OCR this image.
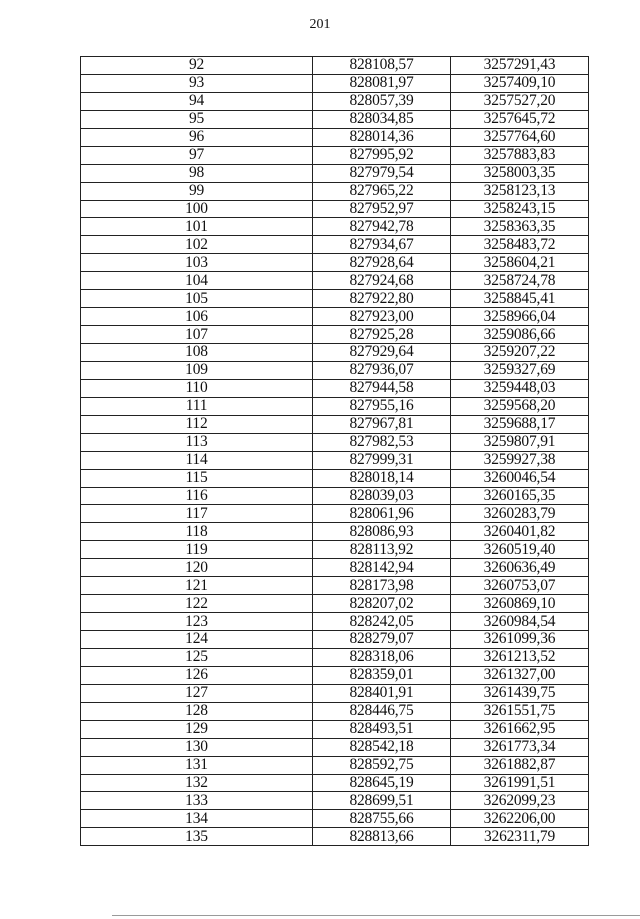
201
92	828108,57	3257291,43
93	828081,97	3257409,10
94	828057,39	3257527,20
95	828034,85	3257645,72
96	828014,36	3257764,60
97	827995,92	3257883,83
98	827979,54	3258003,35
99	827965,22	3258123,13
100	827952,97	3258243,15
101	827942,78	3258363,35
102	827934,67	3258483,72
103	827928,64	3258604,21
104	827924,68	3258724,78
105	827922,80	3258845,41
106	827923,00	3258966,04
107	827925,28	3259086,66
108	827929,64	3259207,22
109	827936,07	3259327,69
110	827944,58	3259448,03
111	827955,16	3259568,20
112	827967,81	3259688,17
113	827982,53	3259807,91
114	827999,31	3259927,38
115	828018,14	3260046,54
116	828039,03	3260165,35
117	828061,96	3260283,79
118	828086,93	3260401,82
119	828113,92	3260519,40
120	828142,94	3260636,49
121	828173,98	3260753,07
122	828207,02	3260869,10
123	828242,05	3260984,54
124	828279,07	3261099,36
125	828318,06	3261213,52
126	828359,01	3261327,00
127	828401,91	3261439,75
128	828446,75	3261551,75
129	828493,51	3261662,95
130	828542,18	3261773,34
131	828592,75	3261882,87
132	828645,19	3261991,51
133	828699,51	3262099,23
134	828755,66	3262206,00
135	828813,66	3262311,79
